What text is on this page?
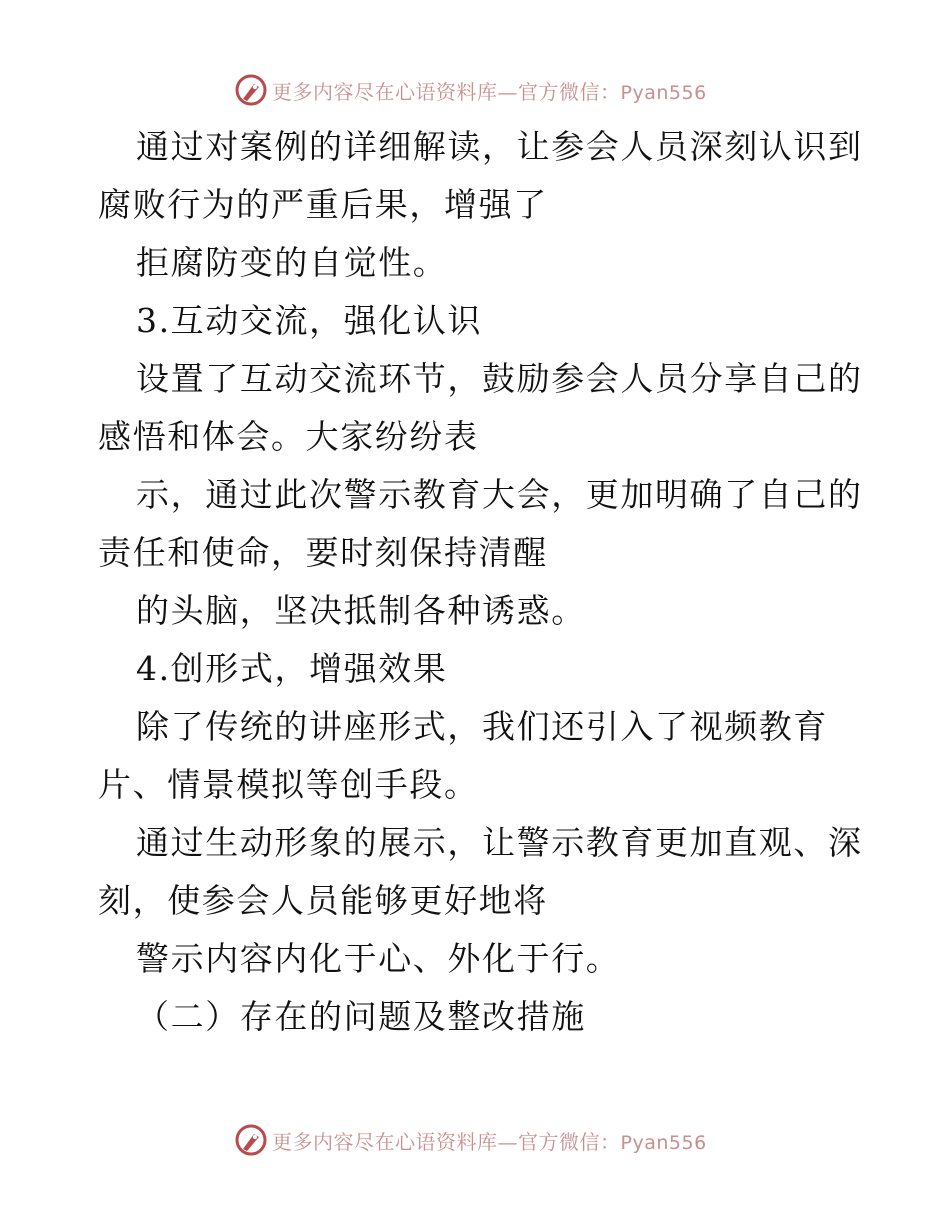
更多内容尽在心语资料库—官方微信：Pyan556
通过对案例的详细解读，让参会人员深刻认识到
腐败行为的严重后果，增强了
拒腐防变的自觉性。
3.互动交流，强化认识
设置了互动交流环节，鼓励参会人员分享自己的
感悟和体会。大家纷纷表
示，通过此次警示教育大会，更加明确了自己的
责任和使命，要时刻保持清醒
的头脑，坚决抵制各种诱惑。
4.创形式，增强效果
除了传统的讲座形式，我们还引入了视频教育
片、情景模拟等创手段。
通过生动形象的展示，让警示教育更加直观、深
刻，使参会人员能够更好地将
警示内容内化于心、外化于行。
（二）存在的问题及整改措施
更多内容尽在心语资料库—官方微信：Pyan556
